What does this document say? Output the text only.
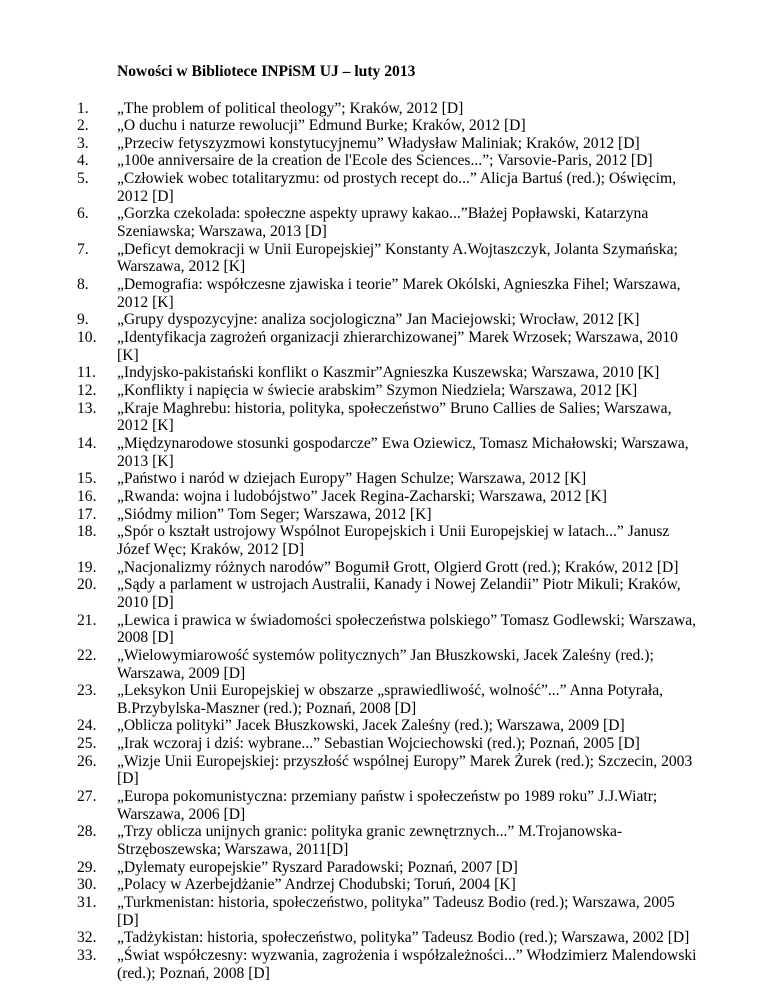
Nowości w Bibliotece INPiSM UJ – luty 2013
1.	„The problem of political theology”; Kraków, 2012 [D]
2.	„O duchu i naturze rewolucji” Edmund Burke; Kraków, 2012 [D]
3.	„Przeciw fetyszyzmowi konstytucyjnemu” Władysław Maliniak; Kraków, 2012 [D]
4.	„100e anniversaire de la creation de l'Ecole des Sciences...”; Varsovie-Paris, 2012 [D]
5.	„Człowiek wobec totalitaryzmu: od prostych recept do...” Alicja Bartuś (red.); Oświęcim, 2012 [D]
6.	„Gorzka czekolada: społeczne aspekty uprawy kakao...”Błażej Popławski, Katarzyna Szeniawska; Warszawa, 2013 [D]
7.	„Deficyt demokracji w Unii Europejskiej” Konstanty A.Wojtaszczyk, Jolanta Szymańska; Warszawa, 2012 [K]
8.	„Demografia: współczesne zjawiska i teorie” Marek Okólski, Agnieszka Fihel; Warszawa, 2012 [K]
9.	„Grupy dyspozycyjne: analiza socjologiczna” Jan Maciejowski; Wrocław, 2012 [K]
10.	„Identyfikacja zagrożeń organizacji zhierarchizowanej” Marek Wrzosek; Warszawa, 2010 [K]
11.	„Indyjsko-pakistański konflikt o Kaszmir”Agnieszka Kuszewska; Warszawa, 2010 [K]
12.	„Konflikty i napięcia w świecie arabskim” Szymon Niedziela; Warszawa, 2012 [K]
13.	„Kraje Maghrebu: historia, polityka, społeczeństwo” Bruno Callies de Salies; Warszawa, 2012 [K]
14.	„Międzynarodowe stosunki gospodarcze” Ewa Oziewicz, Tomasz Michałowski; Warszawa, 2013 [K]
15.	„Państwo i naród w dziejach Europy” Hagen Schulze; Warszawa, 2012 [K]
16.	„Rwanda: wojna i ludobójstwo” Jacek Regina-Zacharski; Warszawa, 2012 [K]
17.	„Siódmy milion” Tom Seger; Warszawa, 2012 [K]
18.	„Spór o kształt ustrojowy Wspólnot Europejskich i Unii Europejskiej w latach...” Janusz Józef Węc; Kraków, 2012 [D]
19.	„Nacjonalizmy różnych narodów” Bogumił Grott, Olgierd Grott (red.); Kraków, 2012 [D]
20.	„Sądy a parlament w ustrojach Australii, Kanady i Nowej Zelandii” Piotr Mikuli; Kraków, 2010 [D]
21.	„Lewica i prawica w świadomości społeczeństwa polskiego” Tomasz Godlewski; Warszawa, 2008 [D]
22.	„Wielowymiarowość systemów politycznych” Jan Błuszkowski, Jacek Zaleśny (red.); Warszawa, 2009 [D]
23.	„Leksykon Unii Europejskiej w obszarze „sprawiedliwość, wolność”...” Anna Potyrała, B.Przybylska-Maszner (red.); Poznań, 2008 [D]
24.	„Oblicza polityki” Jacek Błuszkowski, Jacek Zaleśny (red.); Warszawa, 2009 [D]
25.	„Irak wczoraj i dziś: wybrane...” Sebastian Wojciechowski (red.); Poznań, 2005 [D]
26.	„Wizje Unii Europejskiej: przyszłość wspólnej Europy” Marek Żurek (red.); Szczecin, 2003 [D]
27.	„Europa pokomunistyczna: przemiany państw i społeczeństw po 1989 roku” J.J.Wiatr; Warszawa, 2006 [D]
28.	„Trzy oblicza unijnych granic: polityka granic zewnętrznych...” M.Trojanowska-Strzęboszewska; Warszawa, 2011[D]
29.	„Dylematy europejskie” Ryszard Paradowski; Poznań, 2007 [D]
30.	„Polacy w Azerbejdżanie” Andrzej Chodubski; Toruń, 2004 [K]
31.	„Turkmenistan: historia, społeczeństwo, polityka” Tadeusz Bodio (red.); Warszawa, 2005 [D]
32.	„Tadżykistan: historia, społeczeństwo, polityka” Tadeusz Bodio (red.); Warszawa, 2002 [D]
33.	„Świat współczesny: wyzwania, zagrożenia i współzależności...” Włodzimierz Malendowski (red.); Poznań, 2008 [D]
